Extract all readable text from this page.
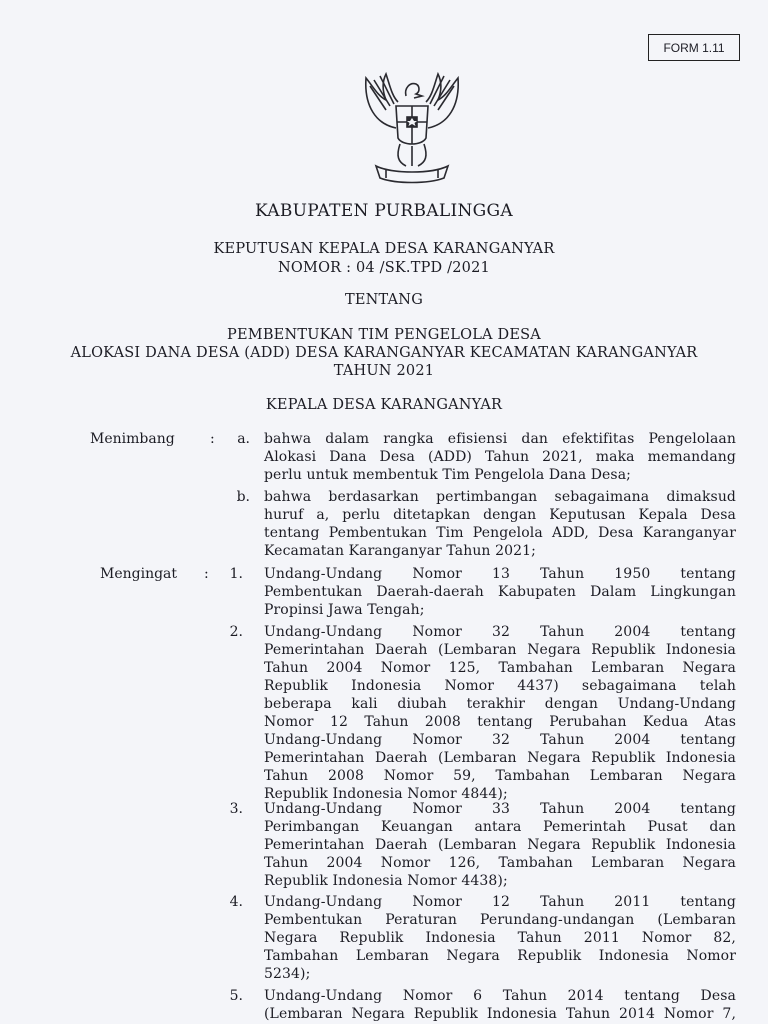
FORM 1.11
KABUPATEN PURBALINGGA
KEPUTUSAN KEPALA DESA KARANGANYAR
NOMOR : 04 /SK.TPD /2021
TENTANG
PEMBENTUKAN TIM PENGELOLA DESA
ALOKASI DANA DESA (ADD) DESA KARANGANYAR KECAMATAN KARANGANYAR
TAHUN 2021
KEPALA DESA KARANGANYAR
Menimbang	:	a. bahwa dalam rangka efisiensi dan efektifitas Pengelolaan
Alokasi Dana Desa (ADD) Tahun 2021, maka memandang
perlu untuk membentuk Tim Pengelola Dana Desa;
b. bahwa berdasarkan pertimbangan sebagaimana dimaksud
huruf a, perlu ditetapkan dengan Keputusan Kepala Desa
tentang Pembentukan Tim Pengelola ADD, Desa Karanganyar
Kecamatan Karanganyar Tahun 2021;
Mengingat :	1. Undang-Undang Nomor 13 Tahun 1950 tentang
Pembentukan Daerah-daerah Kabupaten Dalam Lingkungan
Propinsi Jawa Tengah;
2. Undang-Undang Nomor 32 Tahun 2004 tentang
Pemerintahan Daerah (Lembaran Negara Republik Indonesia
Tahun 2004 Nomor 125, Tambahan Lembaran Negara
Republik Indonesia Nomor 4437) sebagaimana telah
beberapa kali diubah terakhir dengan Undang-Undang
Nomor 12 Tahun 2008 tentang Perubahan Kedua Atas
Undang-Undang Nomor 32 Tahun 2004 tentang
Pemerintahan Daerah (Lembaran Negara Republik Indonesia
Tahun 2008 Nomor 59, Tambahan Lembaran Negara
Republik Indonesia Nomor 4844);
3. Undang-Undang Nomor 33 Tahun 2004 tentang
Perimbangan Keuangan antara Pemerintah Pusat dan
Pemerintahan Daerah (Lembaran Negara Republik Indonesia
Tahun 2004 Nomor 126, Tambahan Lembaran Negara
Republik Indonesia Nomor 4438);
4. Undang-Undang Nomor 12 Tahun 2011 tentang
Pembentukan Peraturan Perundang-undangan (Lembaran
Negara Republik Indonesia Tahun 2011 Nomor 82,
Tambahan Lembaran Negara Republik Indonesia Nomor
5234);
5. Undang-Undang Nomor 6 Tahun 2014 tentang Desa
(Lembaran Negara Republik Indonesia Tahun 2014 Nomor 7,
